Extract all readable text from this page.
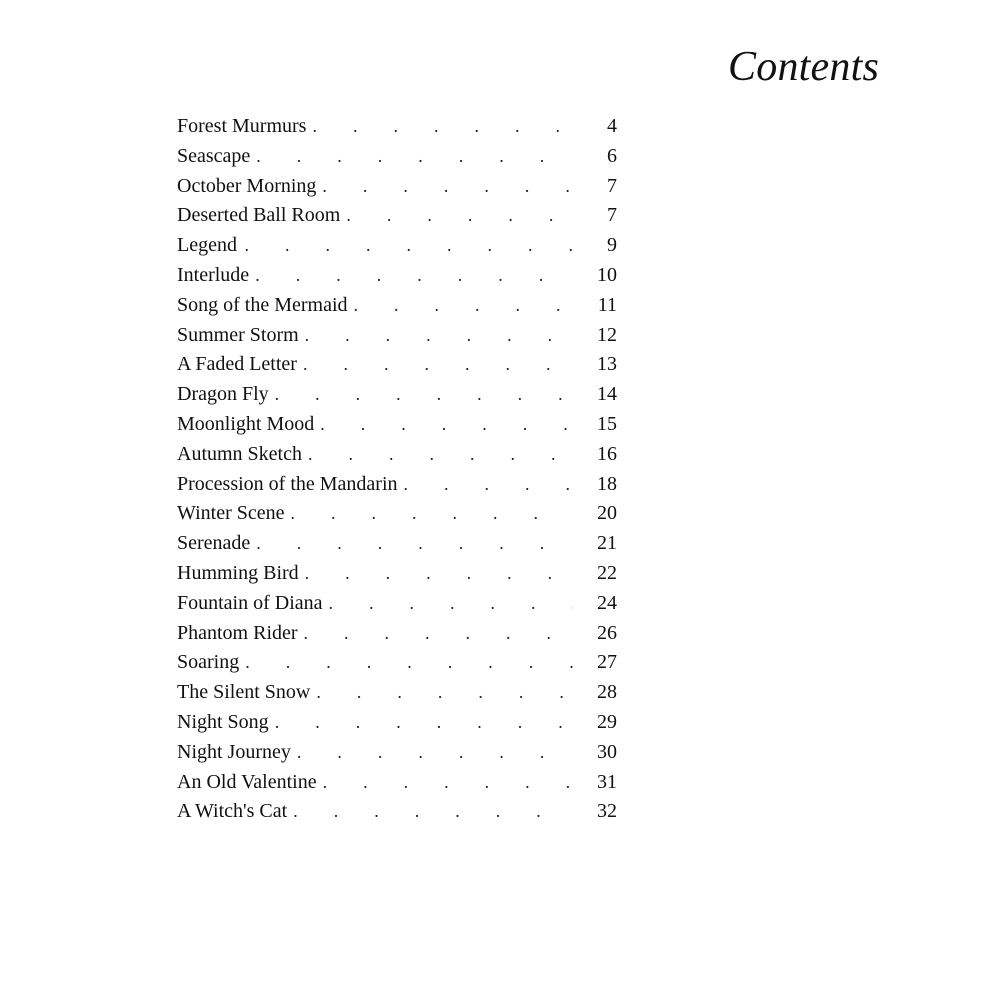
Contents
Forest Murmurs .	4
Seascape .	6
October Morning .	7
Deserted Ball Room .	7
Legend .	9
Interlude .	10
Song of the Mermaid .	11
Summer Storm .	12
A Faded Letter .	13
Dragon Fly .	14
Moonlight Mood .	15
Autumn Sketch .	16
Procession of the Mandarin .	18
Winter Scene .	20
Serenade .	21
Humming Bird .	22
Fountain of Diana .	24
Phantom Rider .	26
Soaring .	27
The Silent Snow .	28
Night Song .	29
Night Journey .	30
An Old Valentine .	31
A Witch's Cat .	32
